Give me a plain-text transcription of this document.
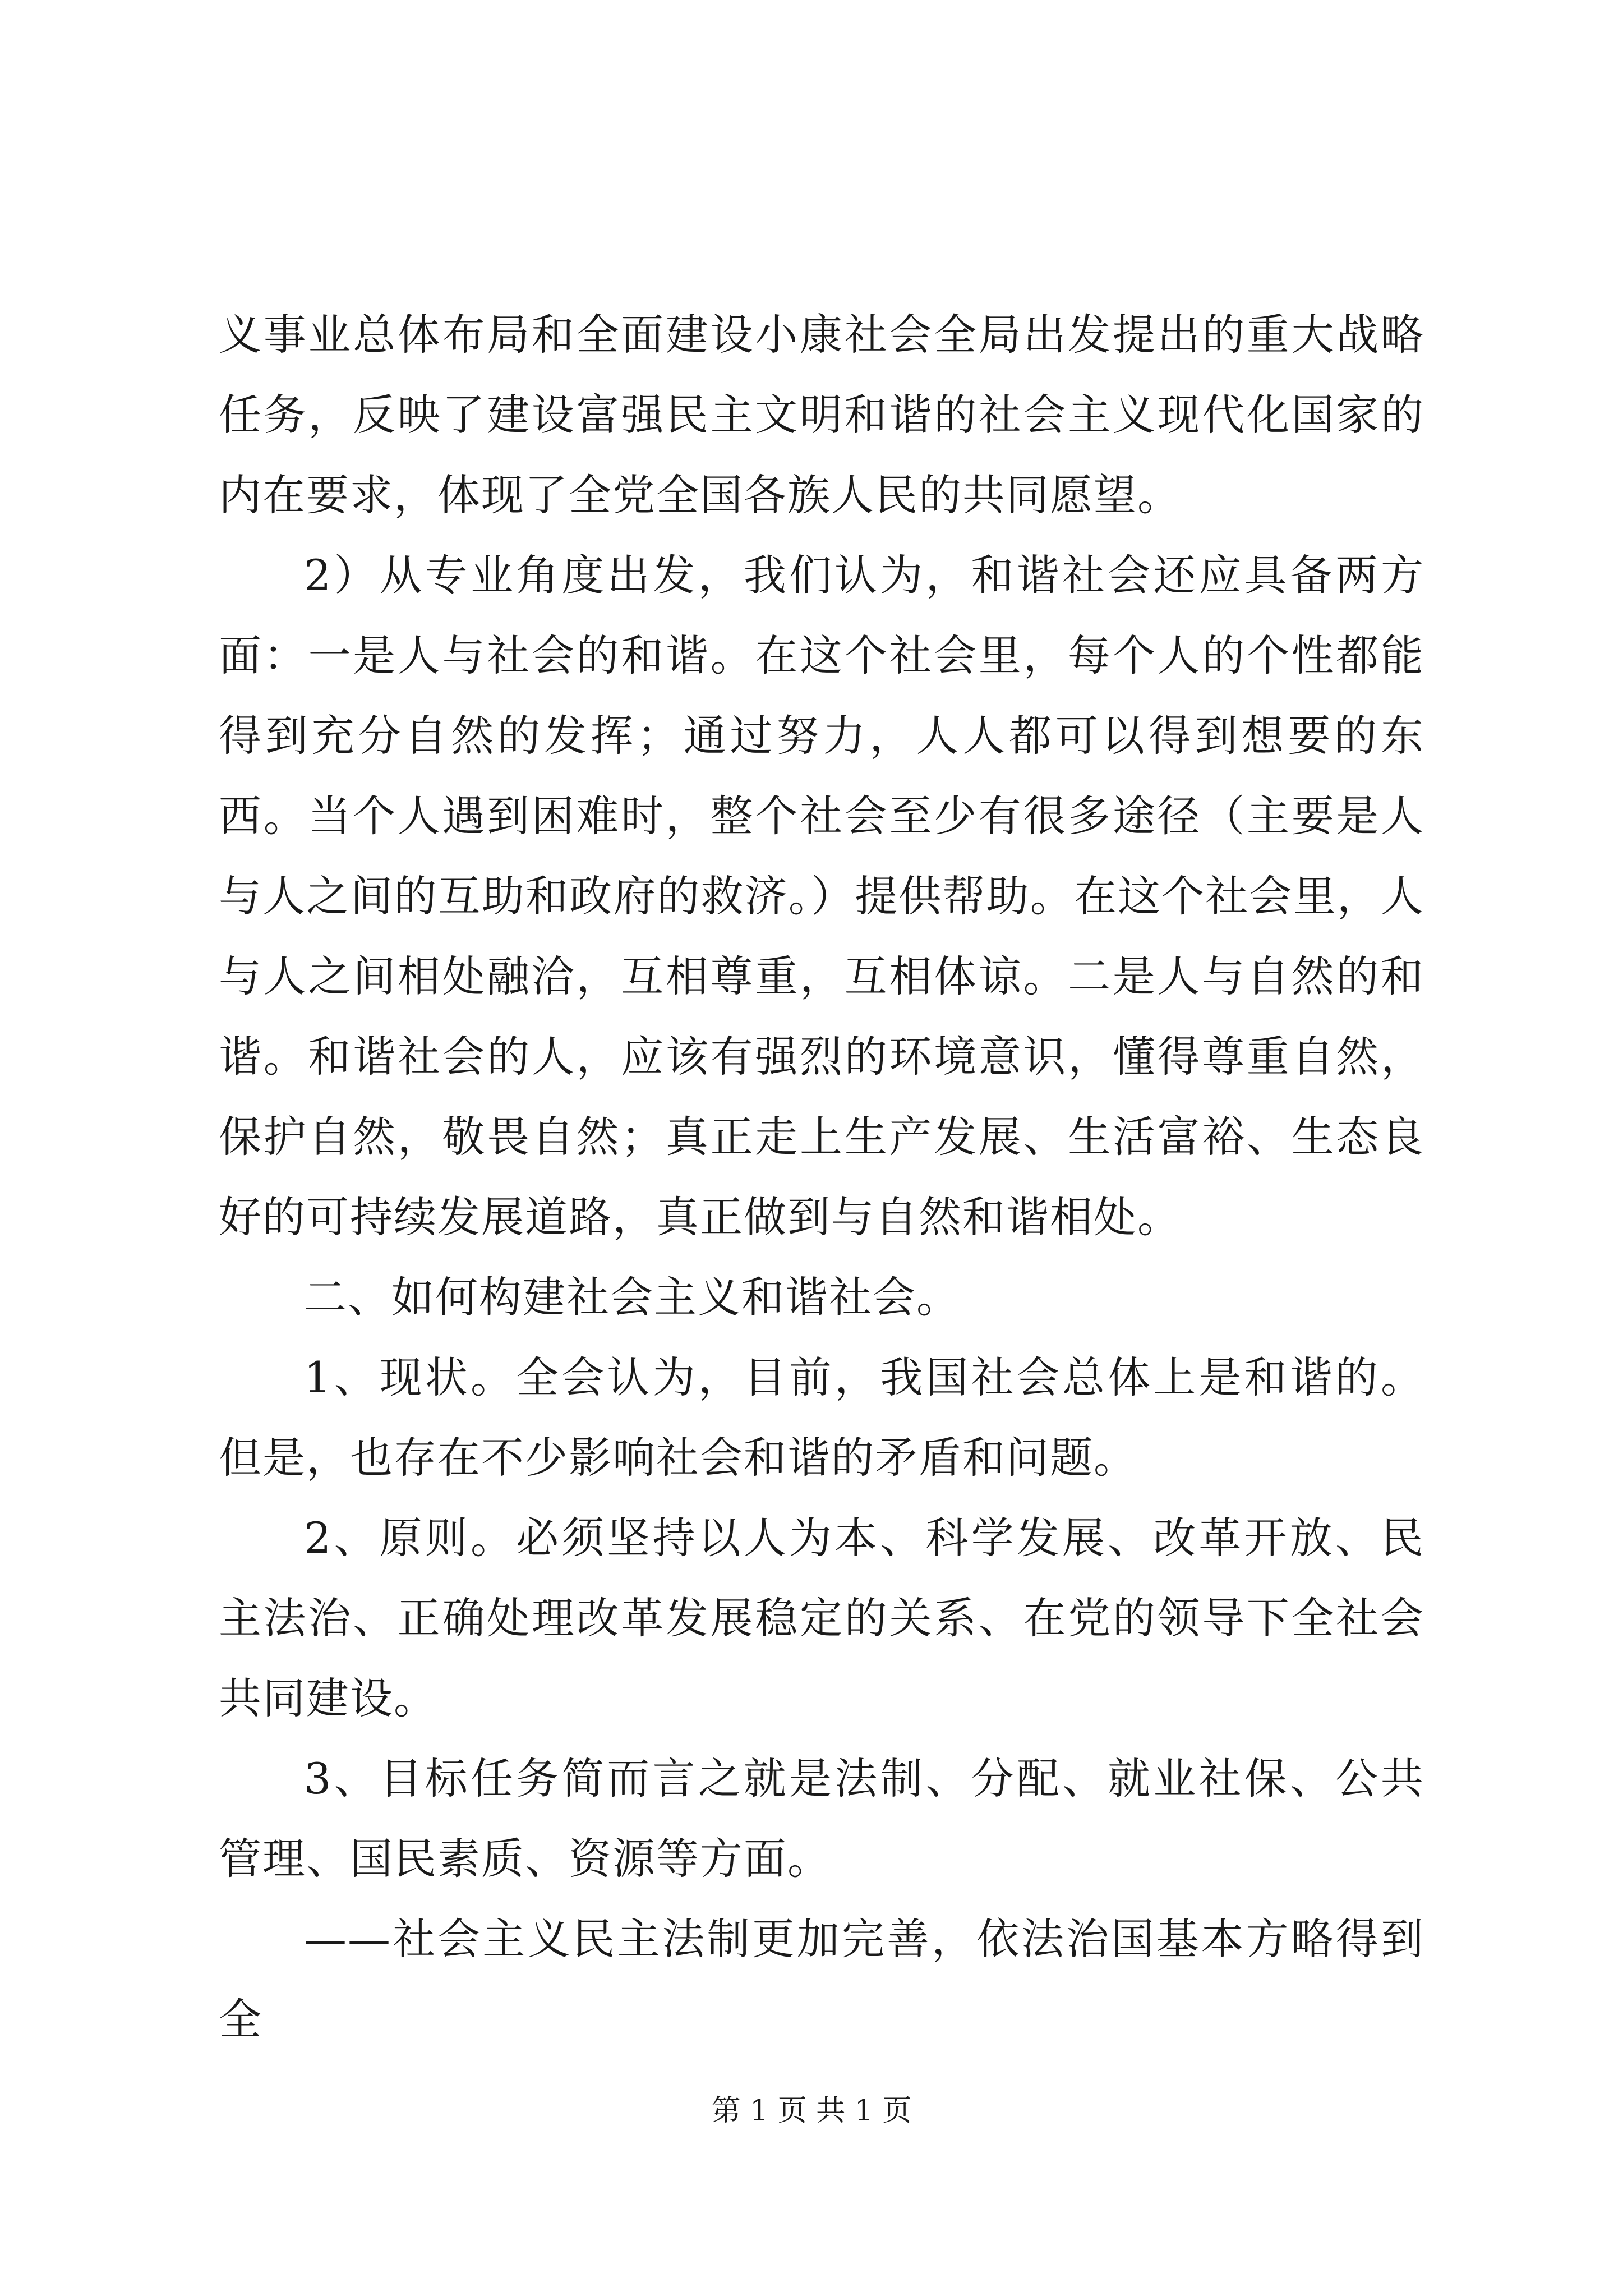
义事业总体布局和全面建设小康社会全局出发提出的重大战略任务，反映了建设富强民主文明和谐的社会主义现代化国家的内在要求，体现了全党全国各族人民的共同愿望。

2）从专业角度出发，我们认为，和谐社会还应具备两方面：一是人与社会的和谐。在这个社会里，每个人的个性都能得到充分自然的发挥；通过努力，人人都可以得到想要的东西。当个人遇到困难时，整个社会至少有很多途径（主要是人与人之间的互助和政府的救济。）提供帮助。在这个社会里，人与人之间相处融洽，互相尊重，互相体谅。二是人与自然的和谐。和谐社会的人，应该有强烈的环境意识，懂得尊重自然，保护自然，敬畏自然；真正走上生产发展、生活富裕、生态良好的可持续发展道路，真正做到与自然和谐相处。

二、如何构建社会主义和谐社会。

1、现状。全会认为，目前，我国社会总体上是和谐的。但是，也存在不少影响社会和谐的矛盾和问题。

2、原则。必须坚持以人为本、科学发展、改革开放、民主法治、正确处理改革发展稳定的关系、在党的领导下全社会共同建设。

3、目标任务简而言之就是法制、分配、就业社保、公共管理、国民素质、资源等方面。

——社会主义民主法制更加完善，依法治国基本方略得到全

第 1 页 共 1 页
